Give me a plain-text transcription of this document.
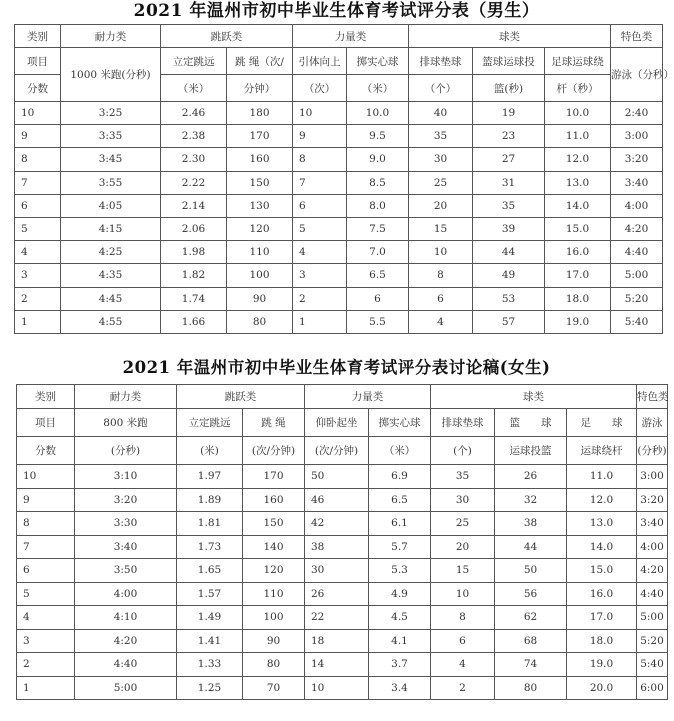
2021 年温州市初中毕业生体育考试评分表（男生）
类别	耐力类	跳跃类		力量类		球类			特色类
项目	1000 米跑(分秒)	立定跳远	跳 绳（次/	引体向上	掷实心球	排球垫球	篮球运球投	足球运球绕	游泳（分秒）
分数		（米）	分钟）	（次）	（米）	（个）	篮(秒)	杆（秒）	
10	3:25	2.46	180	10	10.0	40	19	10.0	2:40
9	3:35	2.38	170	9	9.5	35	23	11.0	3:00
8	3:45	2.30	160	8	9.0	30	27	12.0	3:20
7	3:55	2.22	150	7	8.5	25	31	13.0	3:40
6	4:05	2.14	130	6	8.0	20	35	14.0	4:00
5	4:15	2.06	120	5	7.5	15	39	15.0	4:20
4	4:25	1.98	110	4	7.0	10	44	16.0	4:40
3	4:35	1.82	100	3	6.5	8	49	17.0	5:00
2	4:45	1.74	90	2	6	6	53	18.0	5:20
1	4:55	1.66	80	1	5.5	4	57	19.0	5:40
2021 年温州市初中毕业生体育考试评分表讨论稿(女生)
类别	耐力类	跳跃类		力量类		球类			特色类
项目	800 米跑	立定跳远	跳 绳	仰卧起坐	掷实心球	排球垫球	篮　　球	足　　球	游泳
分数	(分秒)	(米)	(次/分钟)	(次/分钟)	（米）	(个)	运球投篮	运球绕杆	(分秒)
10	3:10	1.97	170	50	6.9	35	26	11.0	3:00
9	3:20	1.89	160	46	6.5	30	32	12.0	3:20
8	3:30	1.81	150	42	6.1	25	38	13.0	3:40
7	3:40	1.73	140	38	5.7	20	44	14.0	4:00
6	3:50	1.65	120	30	5.3	15	50	15.0	4:20
5	4:00	1.57	110	26	4.9	10	56	16.0	4:40
4	4:10	1.49	100	22	4.5	8	62	17.0	5:00
3	4:20	1.41	90	18	4.1	6	68	18.0	5:20
2	4:40	1.33	80	14	3.7	4	74	19.0	5:40
1	5:00	1.25	70	10	3.4	2	80	20.0	6:00
